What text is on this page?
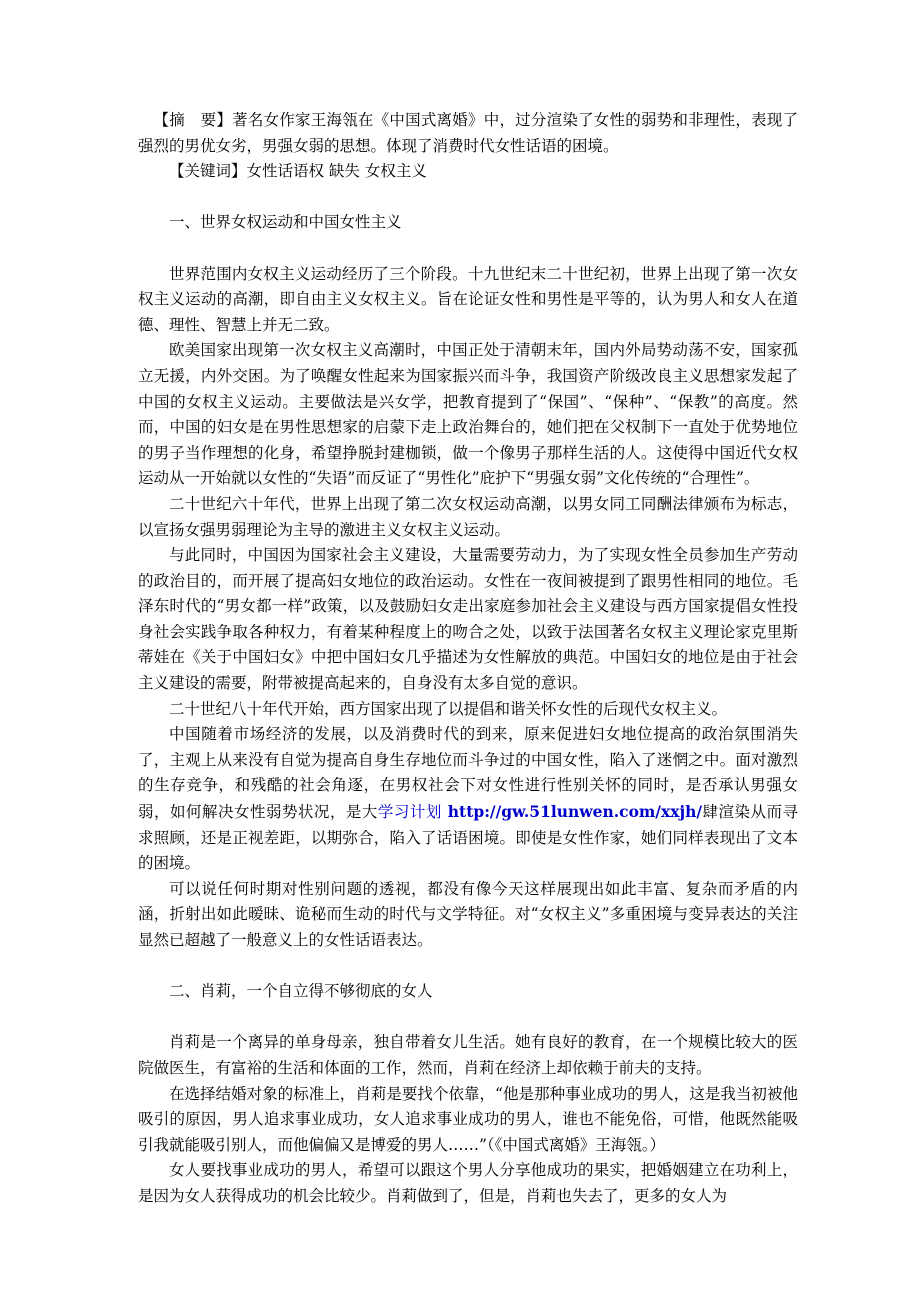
【摘　要】著名女作家王海瓴在《中国式离婚》中，过分渲染了女性的弱势和非理性，表现了强烈的男优女劣，男强女弱的思想。体现了消费时代女性话语的困境。

【关键词】女性话语权 缺失 女权主义

一、世界女权运动和中国女性主义

世界范围内女权主义运动经历了三个阶段。十九世纪末二十世纪初，世界上出现了第一次女权主义运动的高潮，即自由主义女权主义。旨在论证女性和男性是平等的，认为男人和女人在道德、理性、智慧上并无二致。

欧美国家出现第一次女权主义高潮时，中国正处于清朝末年，国内外局势动荡不安，国家孤立无援，内外交困。为了唤醒女性起来为国家振兴而斗争，我国资产阶级改良主义思想家发起了中国的女权主义运动。主要做法是兴女学，把教育提到了“保国”、“保种”、“保教”的高度。然而，中国的妇女是在男性思想家的启蒙下走上政治舞台的，她们把在父权制下一直处于优势地位的男子当作理想的化身，希望挣脱封建枷锁，做一个像男子那样生活的人。这使得中国近代女权运动从一开始就以女性的“失语”而反证了“男性化”庇护下“男强女弱”文化传统的“合理性”。

二十世纪六十年代，世界上出现了第二次女权运动高潮，以男女同工同酬法律颁布为标志，以宣扬女强男弱理论为主导的激进主义女权主义运动。

与此同时，中国因为国家社会主义建设，大量需要劳动力，为了实现女性全员参加生产劳动的政治目的，而开展了提高妇女地位的政治运动。女性在一夜间被提到了跟男性相同的地位。毛泽东时代的“男女都一样”政策，以及鼓励妇女走出家庭参加社会主义建设与西方国家提倡女性投身社会实践争取各种权力，有着某种程度上的吻合之处，以致于法国著名女权主义理论家克里斯蒂娃在《关于中国妇女》中把中国妇女几乎描述为女性解放的典范。中国妇女的地位是由于社会主义建设的需要，附带被提高起来的，自身没有太多自觉的意识。

二十世纪八十年代开始，西方国家出现了以提倡和谐关怀女性的后现代女权主义。

中国随着市场经济的发展，以及消费时代的到来，原来促进妇女地位提高的政治氛围消失了，主观上从来没有自觉为提高自身生存地位而斗争过的中国女性，陷入了迷惘之中。面对激烈的生存竞争，和残酷的社会角逐，在男权社会下对女性进行性别关怀的同时，是否承认男强女弱，如何解决女性弱势状况，是大学习计划 http://gw.51lunwen.com/xxjh/肆渲染从而寻求照顾，还是正视差距，以期弥合，陷入了话语困境。即使是女性作家，她们同样表现出了文本的困境。

可以说任何时期对性别问题的透视，都没有像今天这样展现出如此丰富、复杂而矛盾的内涵，折射出如此暧昧、诡秘而生动的时代与文学特征。对“女权主义”多重困境与变异表达的关注显然已超越了一般意义上的女性话语表达。

二、肖莉，一个自立得不够彻底的女人

肖莉是一个离异的单身母亲，独自带着女儿生活。她有良好的教育，在一个规模比较大的医院做医生，有富裕的生活和体面的工作，然而，肖莉在经济上却依赖于前夫的支持。

在选择结婚对象的标准上，肖莉是要找个依靠，“他是那种事业成功的男人，这是我当初被他吸引的原因，男人追求事业成功，女人追求事业成功的男人，谁也不能免俗，可惜，他既然能吸引我就能吸引别人，而他偏偏又是博爱的男人……”（《中国式离婚》王海瓴。）

女人要找事业成功的男人，希望可以跟这个男人分享他成功的果实，把婚姻建立在功利上，是因为女人获得成功的机会比较少。肖莉做到了，但是，肖莉也失去了，更多的女人为
